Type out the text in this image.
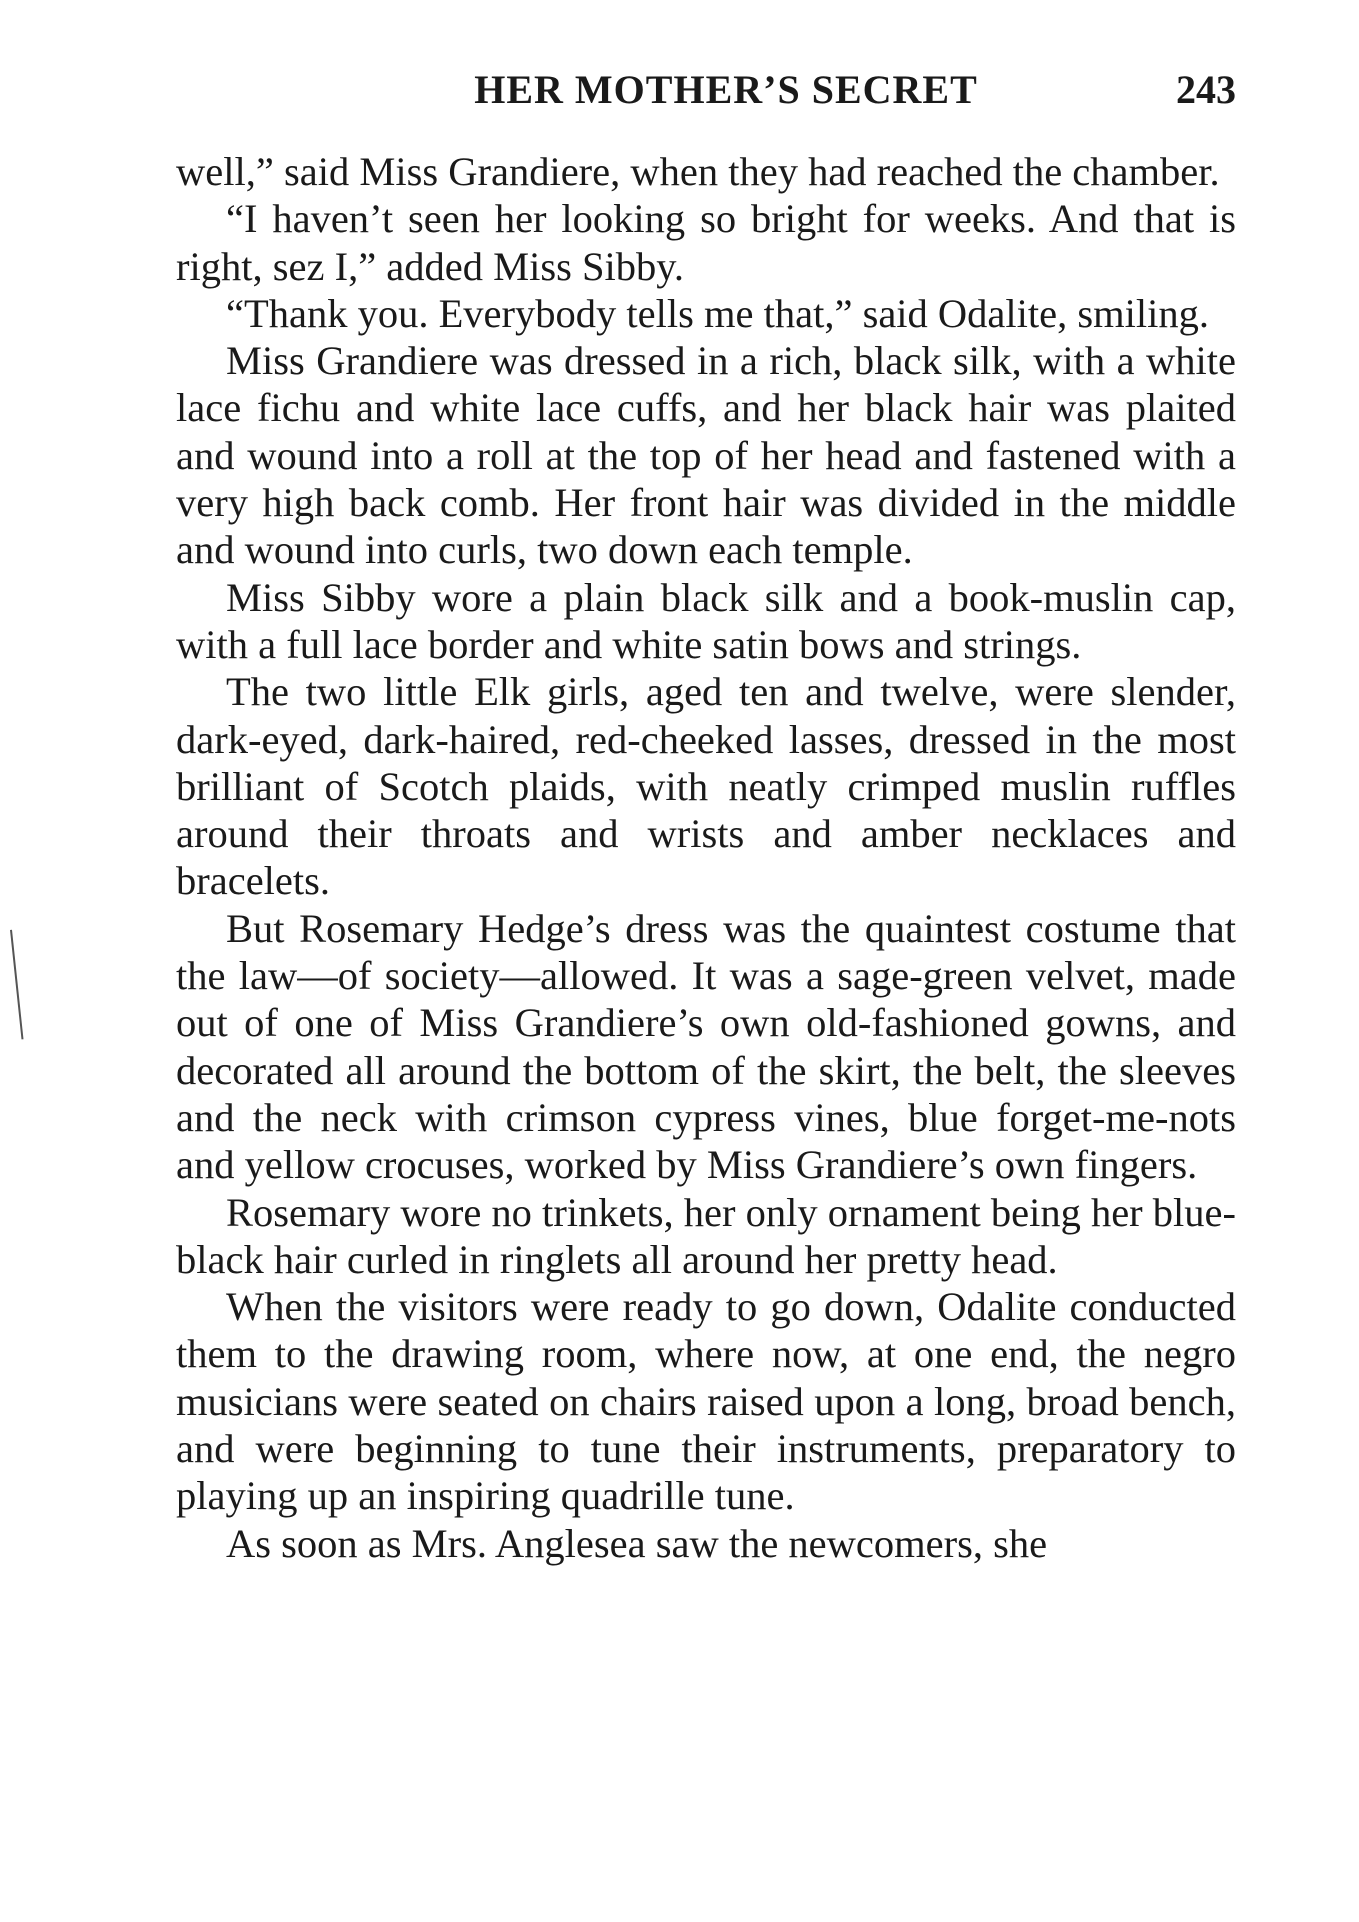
HER MOTHER’S SECRET	243

well,” said Miss Grandiere, when they had reached the chamber.

“I haven’t seen her looking so bright for weeks. And that is right, sez I,” added Miss Sibby.

“Thank you. Everybody tells me that,” said Odalite, smiling.

Miss Grandiere was dressed in a rich, black silk, with a white lace fichu and white lace cuffs, and her black hair was plaited and wound into a roll at the top of her head and fastened with a very high back comb. Her front hair was divided in the middle and wound into curls, two down each temple.

Miss Sibby wore a plain black silk and a book-muslin cap, with a full lace border and white satin bows and strings.

The two little Elk girls, aged ten and twelve, were slender, dark-eyed, dark-haired, red-cheeked lasses, dressed in the most brilliant of Scotch plaids, with neatly crimped muslin ruffles around their throats and wrists and amber necklaces and bracelets.

But Rosemary Hedge’s dress was the quaintest costume that the law—of society—allowed. It was a sage-green velvet, made out of one of Miss Grandiere’s own old-fashioned gowns, and decorated all around the bottom of the skirt, the belt, the sleeves and the neck with crimson cypress vines, blue forget-me-nots and yellow crocuses, worked by Miss Grandiere’s own fingers.

Rosemary wore no trinkets, her only ornament being her blue-black hair curled in ringlets all around her pretty head.

When the visitors were ready to go down, Odalite conducted them to the drawing room, where now, at one end, the negro musicians were seated on chairs raised upon a long, broad bench, and were beginning to tune their instruments, preparatory to playing up an inspiring quadrille tune.

As soon as Mrs. Anglesea saw the newcomers, she
